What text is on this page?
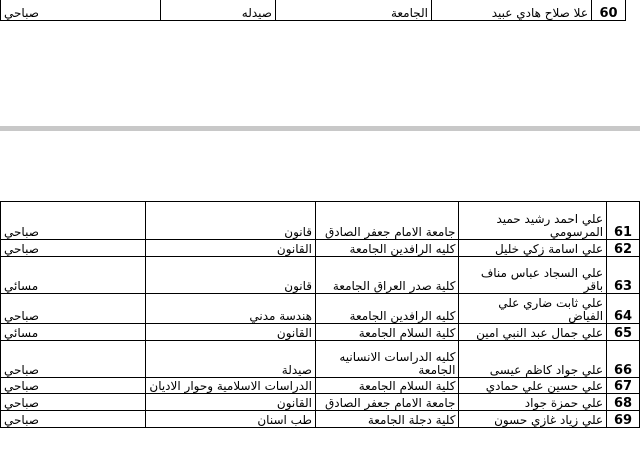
صباحي	صيدله	الجامعة	علا صلاح هادي عبيد	60
صباحي	قانون	جامعة الامام جعفر الصادق	علي احمد رشيد حميد المرسومي	61
صباحي	القانون	كليه الرافدين الجامعة	علي اسامة زكي خليل	62
مسائي	قانون	كلية صدر العراق الجامعة	علي السجاد عباس مناف باقر	63
صباحي	هندسة مدني	كليه الرافدين الجامعة	علي ثابت ضاري علي الفياض	64
مسائي	القانون	كلية السلام الجامعة	علي جمال عبد النبي امين	65
صباحي	صيدلة	كليه الدراسات الانسانيه الجامعة	علي جواد كاظم عيسى	66
صباحي	الدراسات الاسلامية وحوار الاديان	كلية السلام الجامعة	علي حسين علي حمادي	67
صباحي	القانون	جامعة الامام جعفر الصادق	علي حمزة جواد	68
صباحي	طب اسنان	كلية دجلة الجامعة	علي زياد غازي حسون	69
